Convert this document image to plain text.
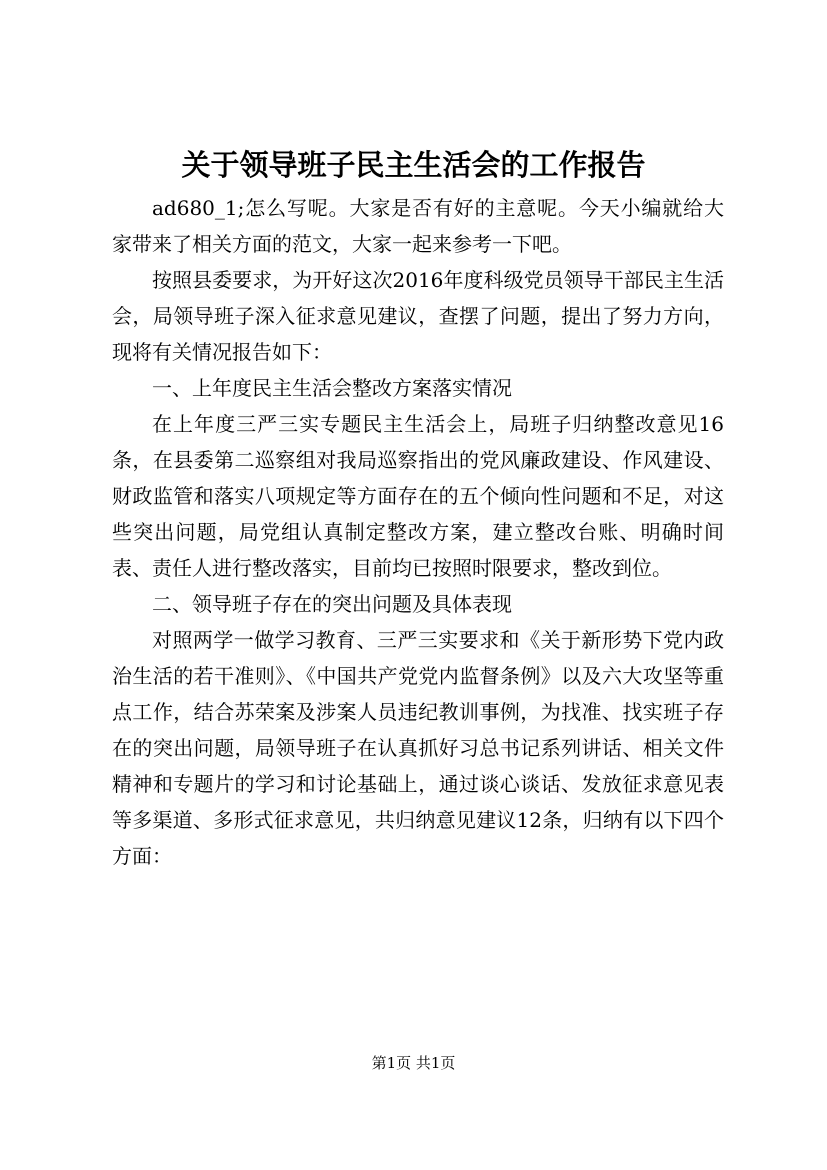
关于领导班子民主生活会的工作报告

ad680_1;怎么写呢。大家是否有好的主意呢。今天小编就给大家带来了相关方面的范文，大家一起来参考一下吧。

按照县委要求，为开好这次2016年度科级党员领导干部民主生活会，局领导班子深入征求意见建议，查摆了问题，提出了努力方向，现将有关情况报告如下：

一、上年度民主生活会整改方案落实情况

在上年度三严三实专题民主生活会上，局班子归纳整改意见16条，在县委第二巡察组对我局巡察指出的党风廉政建设、作风建设、财政监管和落实八项规定等方面存在的五个倾向性问题和不足，对这些突出问题，局党组认真制定整改方案，建立整改台账、明确时间表、责任人进行整改落实，目前均已按照时限要求，整改到位。

二、领导班子存在的突出问题及具体表现

对照两学一做学习教育、三严三实要求和《关于新形势下党内政治生活的若干准则》、《中国共产党党内监督条例》以及六大攻坚等重点工作，结合苏荣案及涉案人员违纪教训事例，为找准、找实班子存在的突出问题，局领导班子在认真抓好习总书记系列讲话、相关文件精神和专题片的学习和讨论基础上，通过谈心谈话、发放征求意见表等多渠道、多形式征求意见，共归纳意见建议12条，归纳有以下四个方面：

第1页 共1页
